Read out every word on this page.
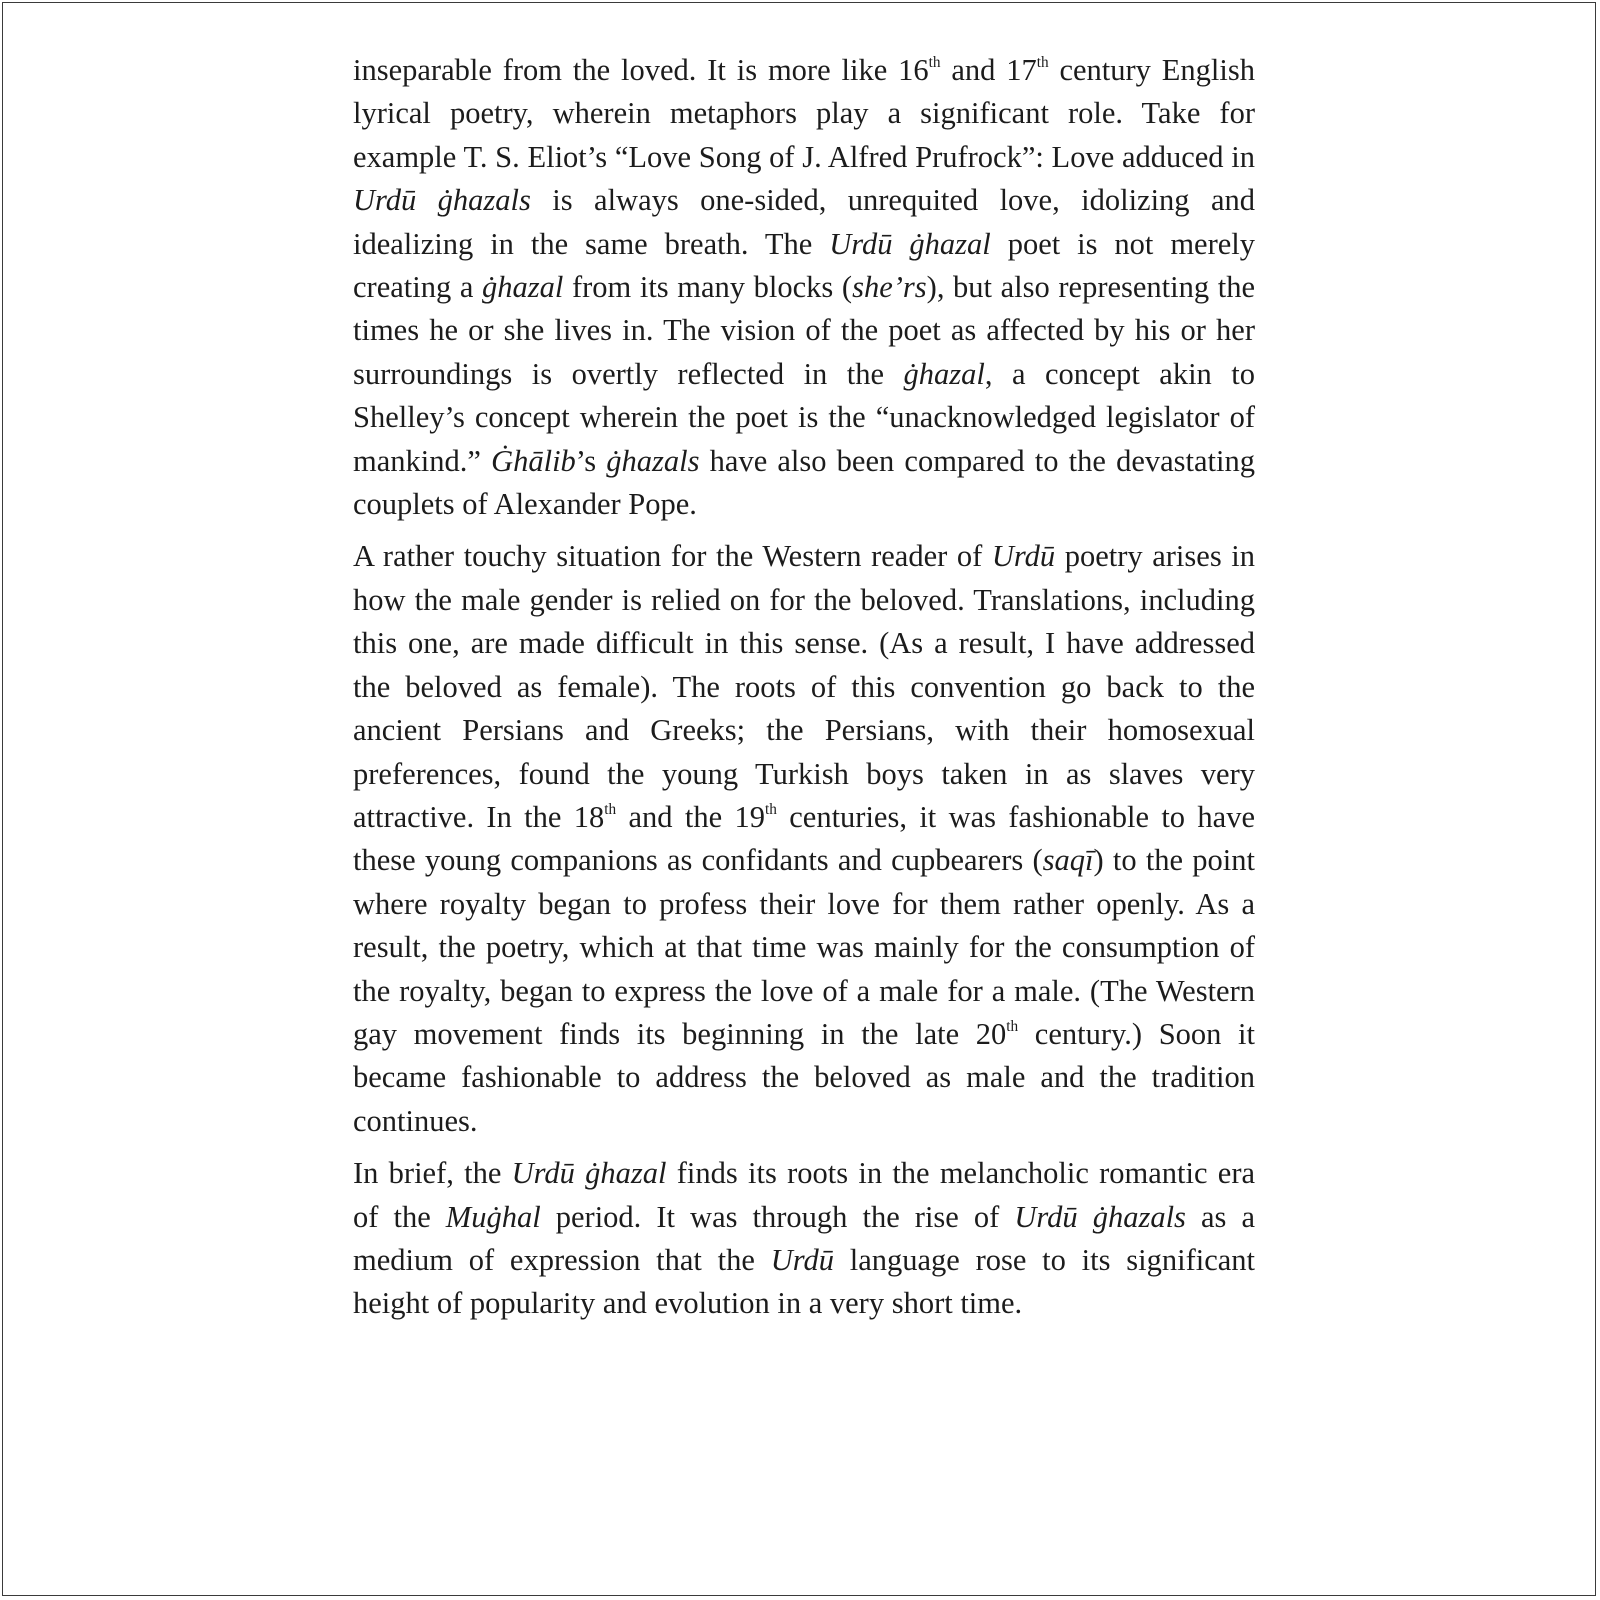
inseparable from the loved. It is more like 16th and 17th century English lyrical poetry, wherein metaphors play a significant role. Take for example T. S. Eliot’s “Love Song of J. Alfred Prufrock”: Love adduced in Urdū ġhazals is always one-sided, unrequited love, idolizing and idealizing in the same breath. The Urdū ġhazal poet is not merely creating a ġhazal from its many blocks (she’rs), but also representing the times he or she lives in. The vision of the poet as affected by his or her surroundings is overtly reflected in the ġhazal, a concept akin to Shelley’s concept wherein the poet is the “unacknowledged legislator of mankind.” Ġhālib’s ġhazals have also been compared to the devastating couplets of Alexander Pope.

A rather touchy situation for the Western reader of Urdū poetry arises in how the male gender is relied on for the beloved. Translations, including this one, are made difficult in this sense. (As a result, I have addressed the beloved as female). The roots of this convention go back to the ancient Persians and Greeks; the Persians, with their homosexual preferences, found the young Turkish boys taken in as slaves very attractive. In the 18th and the 19th centuries, it was fashionable to have these young companions as confidants and cupbearers (saqī) to the point where royalty began to profess their love for them rather openly. As a result, the poetry, which at that time was mainly for the consumption of the royalty, began to express the love of a male for a male. (The Western gay movement finds its beginning in the late 20th century.) Soon it became fashionable to address the beloved as male and the tradition continues.

In brief, the Urdū ġhazal finds its roots in the melancholic romantic era of the Muġhal period. It was through the rise of Urdū ġhazals as a medium of expression that the Urdū language rose to its significant height of popularity and evolution in a very short time.
